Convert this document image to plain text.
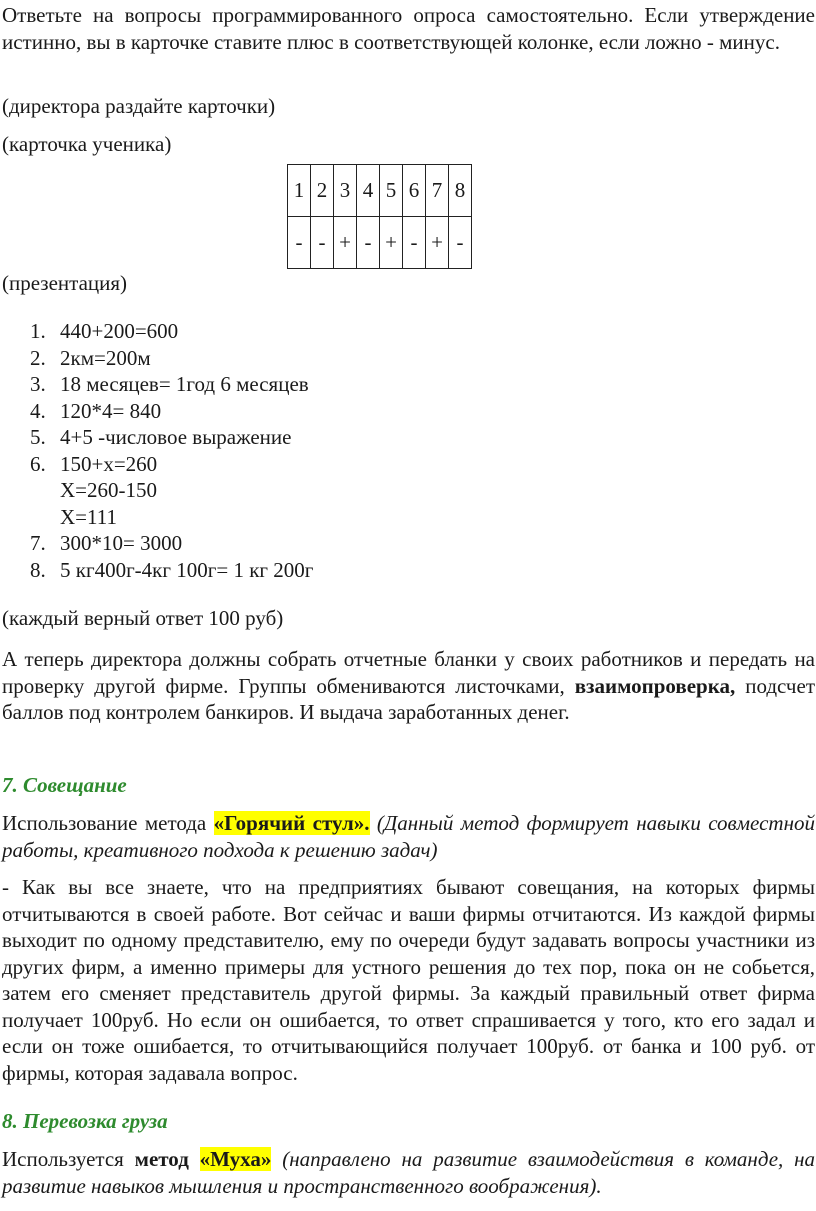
Ответьте на вопросы программированного опроса самостоятельно. Если утверждение истинно, вы в карточке ставите плюс в соответствующей колонке, если ложно - минус.

(директора раздайте карточки)

(карточка ученика)

1	2	3	4	5	6	7	8
-	-	+	-	+	-	+	-

(презентация)

1. 440+200=600
2. 2км=200м
3. 18 месяцев= 1год 6 месяцев
4. 120*4= 840
5. 4+5 -числовое выражение
6. 150+х=260
Х=260-150
Х=111
7. 300*10= 3000
8. 5 кг400г-4кг 100г= 1 кг 200г

(каждый верный ответ 100 руб)

А теперь директора должны собрать отчетные бланки у своих работников и передать на проверку другой фирме. Группы обмениваются листочками, взаимопроверка, подсчет баллов под контролем банкиров. И выдача заработанных денег.

7. Совещание

Использование метода «Горячий стул». (Данный метод формирует навыки совместной работы, креативного подхода к решению задач)

- Как вы все знаете, что на предприятиях бывают совещания, на которых фирмы отчитываются в своей работе. Вот сейчас и ваши фирмы отчитаются. Из каждой фирмы выходит по одному представителю, ему по очереди будут задавать вопросы участники из других фирм, а именно примеры для устного решения до тех пор, пока он не собьется, затем его сменяет представитель другой фирмы. За каждый правильный ответ фирма получает 100руб. Но если он ошибается, то ответ спрашивается у того, кто его задал и если он тоже ошибается, то отчитывающийся получает 100руб. от банка и 100 руб. от фирмы, которая задавала вопрос.

8. Перевозка груза

Используется метод «Муха» (направлено на развитие взаимодействия в команде, на развитие навыков мышления и пространственного воображения).
